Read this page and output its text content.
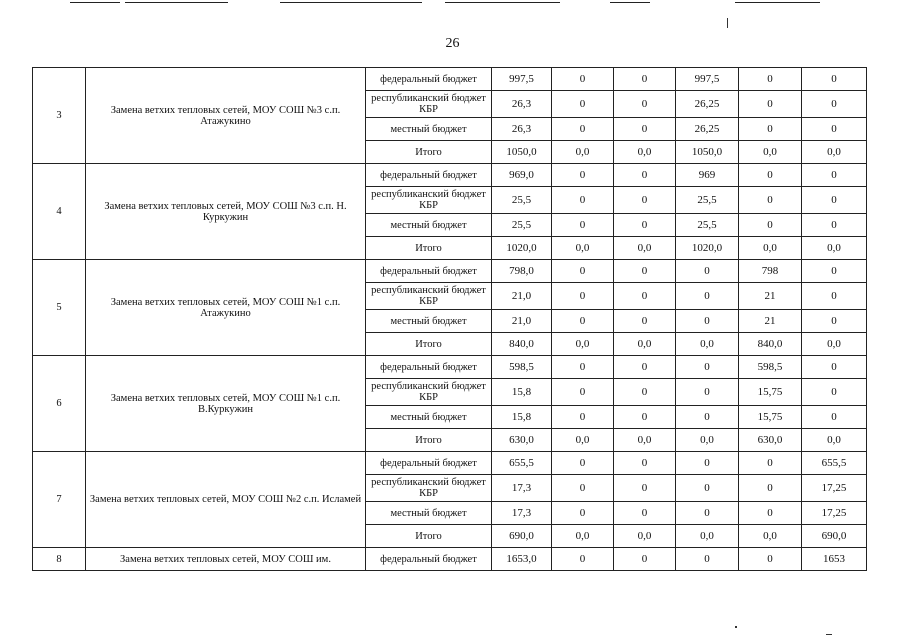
26
3	Замена ветхих тепловых сетей, МОУ СОШ №3 с.п. Атажукино	федеральный бюджет	997,5	0	0	997,5	0	0
		республиканский бюджет КБР	26,3	0	0	26,25	0	0
		местный бюджет	26,3	0	0	26,25	0	0
		Итого	1050,0	0,0	0,0	1050,0	0,0	0,0
4	Замена ветхих тепловых сетей, МОУ СОШ №3 с.п. Н. Куркужин	федеральный бюджет	969,0	0	0	969	0	0
		республиканский бюджет КБР	25,5	0	0	25,5	0	0
		местный бюджет	25,5	0	0	25,5	0	0
		Итого	1020,0	0,0	0,0	1020,0	0,0	0,0
5	Замена ветхих тепловых сетей, МОУ СОШ №1 с.п. Атажукино	федеральный бюджет	798,0	0	0	0	798	0
		республиканский бюджет КБР	21,0	0	0	0	21	0
		местный бюджет	21,0	0	0	0	21	0
		Итого	840,0	0,0	0,0	0,0	840,0	0,0
6	Замена ветхих тепловых сетей, МОУ СОШ №1 с.п. В.Куркужин	федеральный бюджет	598,5	0	0	0	598,5	0
		республиканский бюджет КБР	15,8	0	0	0	15,75	0
		местный бюджет	15,8	0	0	0	15,75	0
		Итого	630,0	0,0	0,0	0,0	630,0	0,0
7	Замена ветхих тепловых сетей, МОУ СОШ №2 с.п. Исламей	федеральный бюджет	655,5	0	0	0	0	655,5
		республиканский бюджет КБР	17,3	0	0	0	0	17,25
		местный бюджет	17,3	0	0	0	0	17,25
		Итого	690,0	0,0	0,0	0,0	0,0	690,0
8	Замена ветхих тепловых сетей, МОУ СОШ им.	федеральный бюджет	1653,0	0	0	0	0	1653
